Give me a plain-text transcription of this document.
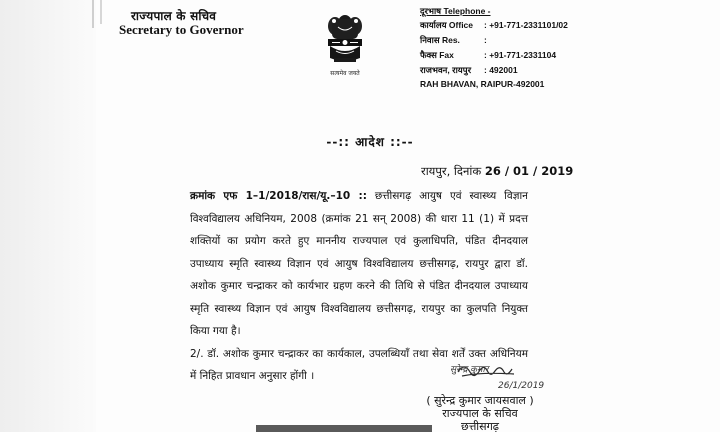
राज्यपाल के सचिव
Secretary to Governor
सत्यमेव जयते
दूरभाष Telephone -
कार्यालय Office : +91-771-2331101/02
निवास Res.	:
फैक्स Fax	: +91-771-2331104
राजभवन, रायपुर : 492001
RAH BHAVAN, RAIPUR-492001
--:: आदेश ::--
रायपुर, दिनांक 26 / 01 / 2019

क्रमांक एफ 1–1/2018/रास/यू.–10 :: छत्तीसगढ़ आयुष एवं स्वास्थ्य विज्ञान विश्वविद्यालय अधिनियम, 2008 (क्रमांक 21 सन् 2008) की धारा 11 (1) में प्रदत्त शक्तियों का प्रयोग करते हुए माननीय राज्यपाल एवं कुलाधिपति, पंडित दीनदयाल उपाध्याय स्मृति स्वास्थ्य विज्ञान एवं आयुष विश्वविद्यालय छत्तीसगढ़, रायपुर द्वारा डॉ. अशोक कुमार चन्द्राकर को कार्यभार ग्रहण करने की तिथि से पंडित दीनदयाल उपाध्याय स्मृति स्वास्थ्य विज्ञान एवं आयुष विश्वविद्यालय छत्तीसगढ़, रायपुर का कुलपति नियुक्त किया गया है।

2/. डॉ. अशोक कुमार चन्द्राकर का कार्यकाल, उपलब्धियाँ तथा सेवा शर्तें उक्त अधिनियम में निहित प्रावधान अनुसार होंगी ।	सुरेन्द्र कुमार
26/1/2019
( सुरेन्द्र कुमार जायसवाल )
राज्यपाल के सचिव
छत्तीसगढ़
